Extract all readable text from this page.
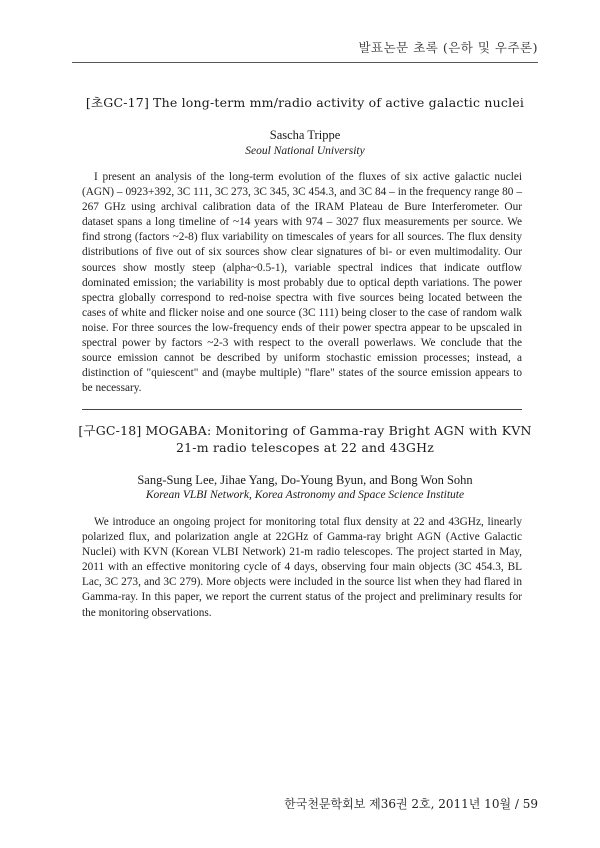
발표논문 초록 (은하 및 우주론)
[초GC-17] The long-term mm/radio activity of active galactic nuclei
Sascha Trippe
Seoul National University
I present an analysis of the long-term evolution of the fluxes of six active galactic nuclei (AGN) – 0923+392, 3C 111, 3C 273, 3C 345, 3C 454.3, and 3C 84 – in the frequency range 80 – 267 GHz using archival calibration data of the IRAM Plateau de Bure Interferometer. Our dataset spans a long timeline of ~14 years with 974 – 3027 flux measurements per source. We find strong (factors ~2-8) flux variability on timescales of years for all sources. The flux density distributions of five out of six sources show clear signatures of bi- or even multimodality. Our sources show mostly steep (alpha~0.5-1), variable spectral indices that indicate outflow dominated emission; the variability is most probably due to optical depth variations. The power spectra globally correspond to red-noise spectra with five sources being located between the cases of white and flicker noise and one source (3C 111) being closer to the case of random walk noise. For three sources the low-frequency ends of their power spectra appear to be upscaled in spectral power by factors ~2-3 with respect to the overall powerlaws. We conclude that the source emission cannot be described by uniform stochastic emission processes; instead, a distinction of "quiescent" and (maybe multiple) "flare" states of the source emission appears to be necessary.
[구GC-18] MOGABA: Monitoring of Gamma-ray Bright AGN with KVN 21-m radio telescopes at 22 and 43GHz
Sang-Sung Lee, Jihae Yang, Do-Young Byun, and Bong Won Sohn
Korean VLBI Network, Korea Astronomy and Space Science Institute
We introduce an ongoing project for monitoring total flux density at 22 and 43GHz, linearly polarized flux, and polarization angle at 22GHz of Gamma-ray bright AGN (Active Galactic Nuclei) with KVN (Korean VLBI Network) 21-m radio telescopes. The project started in May, 2011 with an effective monitoring cycle of 4 days, observing four main objects (3C 454.3, BL Lac, 3C 273, and 3C 279). More objects were included in the source list when they had flared in Gamma-ray. In this paper, we report the current status of the project and preliminary results for the monitoring observations.
한국천문학회보 제36권 2호, 2011년 10월 / 59
